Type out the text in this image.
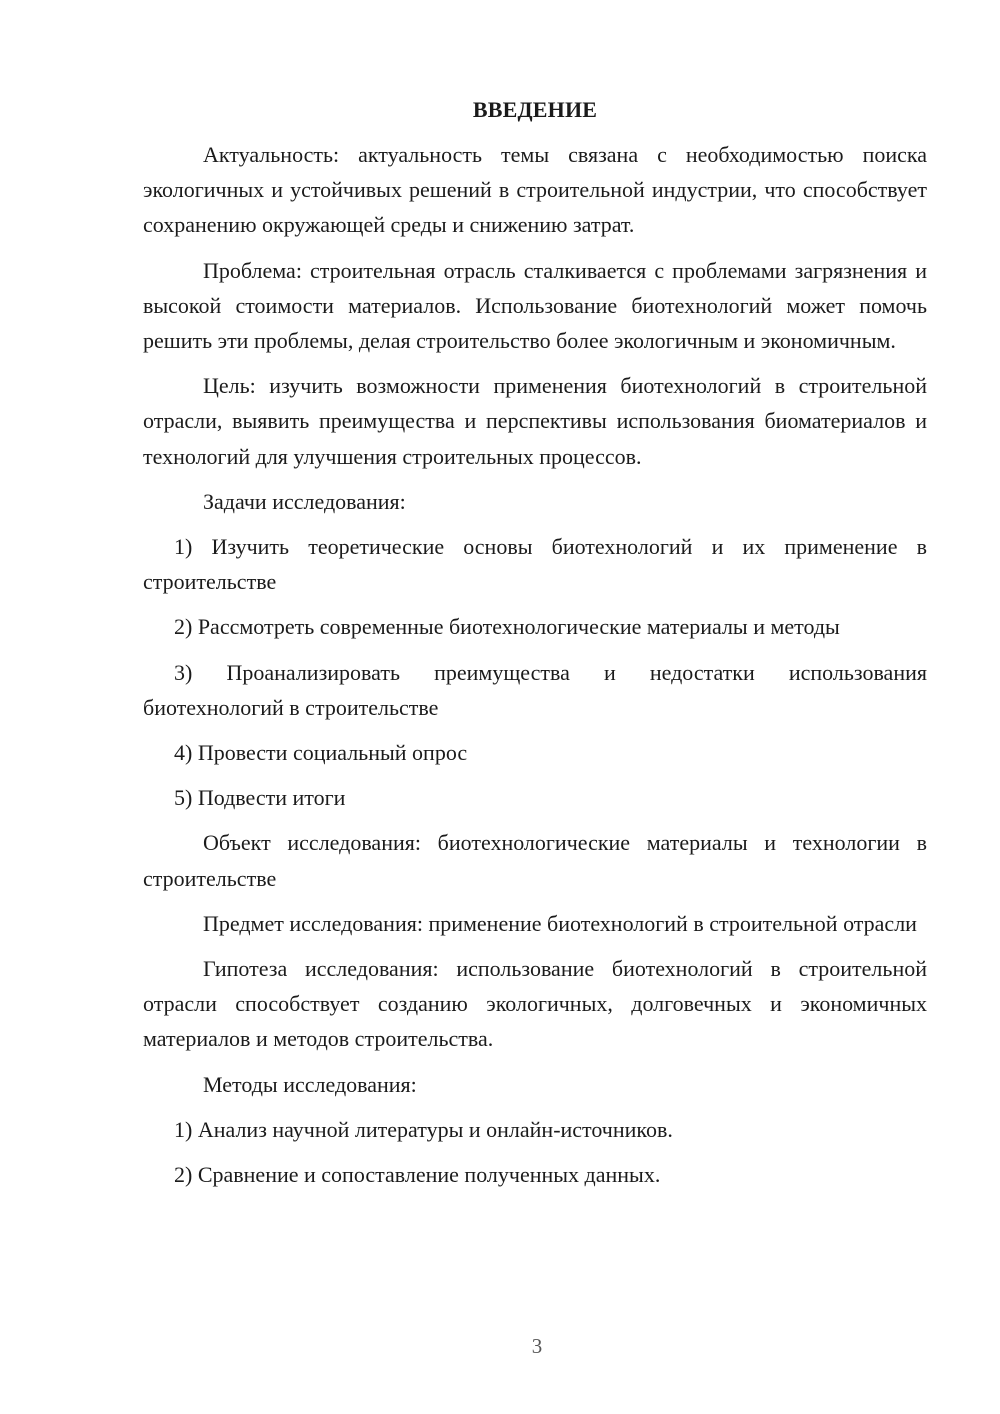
ВВЕДЕНИЕ

Актуальность: актуальность темы связана с необходимостью поиска экологичных и устойчивых решений в строительной индустрии, что способствует сохранению окружающей среды и снижению затрат.

Проблема: строительная отрасль сталкивается с проблемами загрязнения и высокой стоимости материалов. Использование биотехнологий может помочь решить эти проблемы, делая строительство более экологичным и экономичным.

Цель: изучить возможности применения биотехнологий в строительной отрасли, выявить преимущества и перспективы использования биоматериалов и технологий для улучшения строительных процессов.

Задачи исследования:

1) Изучить теоретические основы биотехнологий и их применение в строительстве

2) Рассмотреть современные биотехнологические материалы и методы

3) Проанализировать преимущества и недостатки использования биотехнологий в строительстве

4) Провести социальный опрос

5) Подвести итоги

Объект исследования: биотехнологические материалы и технологии в строительстве

Предмет исследования: применение биотехнологий в строительной отрасли

Гипотеза исследования: использование биотехнологий в строительной отрасли способствует созданию экологичных, долговечных и экономичных материалов и методов строительства.

Методы исследования:

1) Анализ научной литературы и онлайн-источников.

2) Сравнение и сопоставление полученных данных.

3
